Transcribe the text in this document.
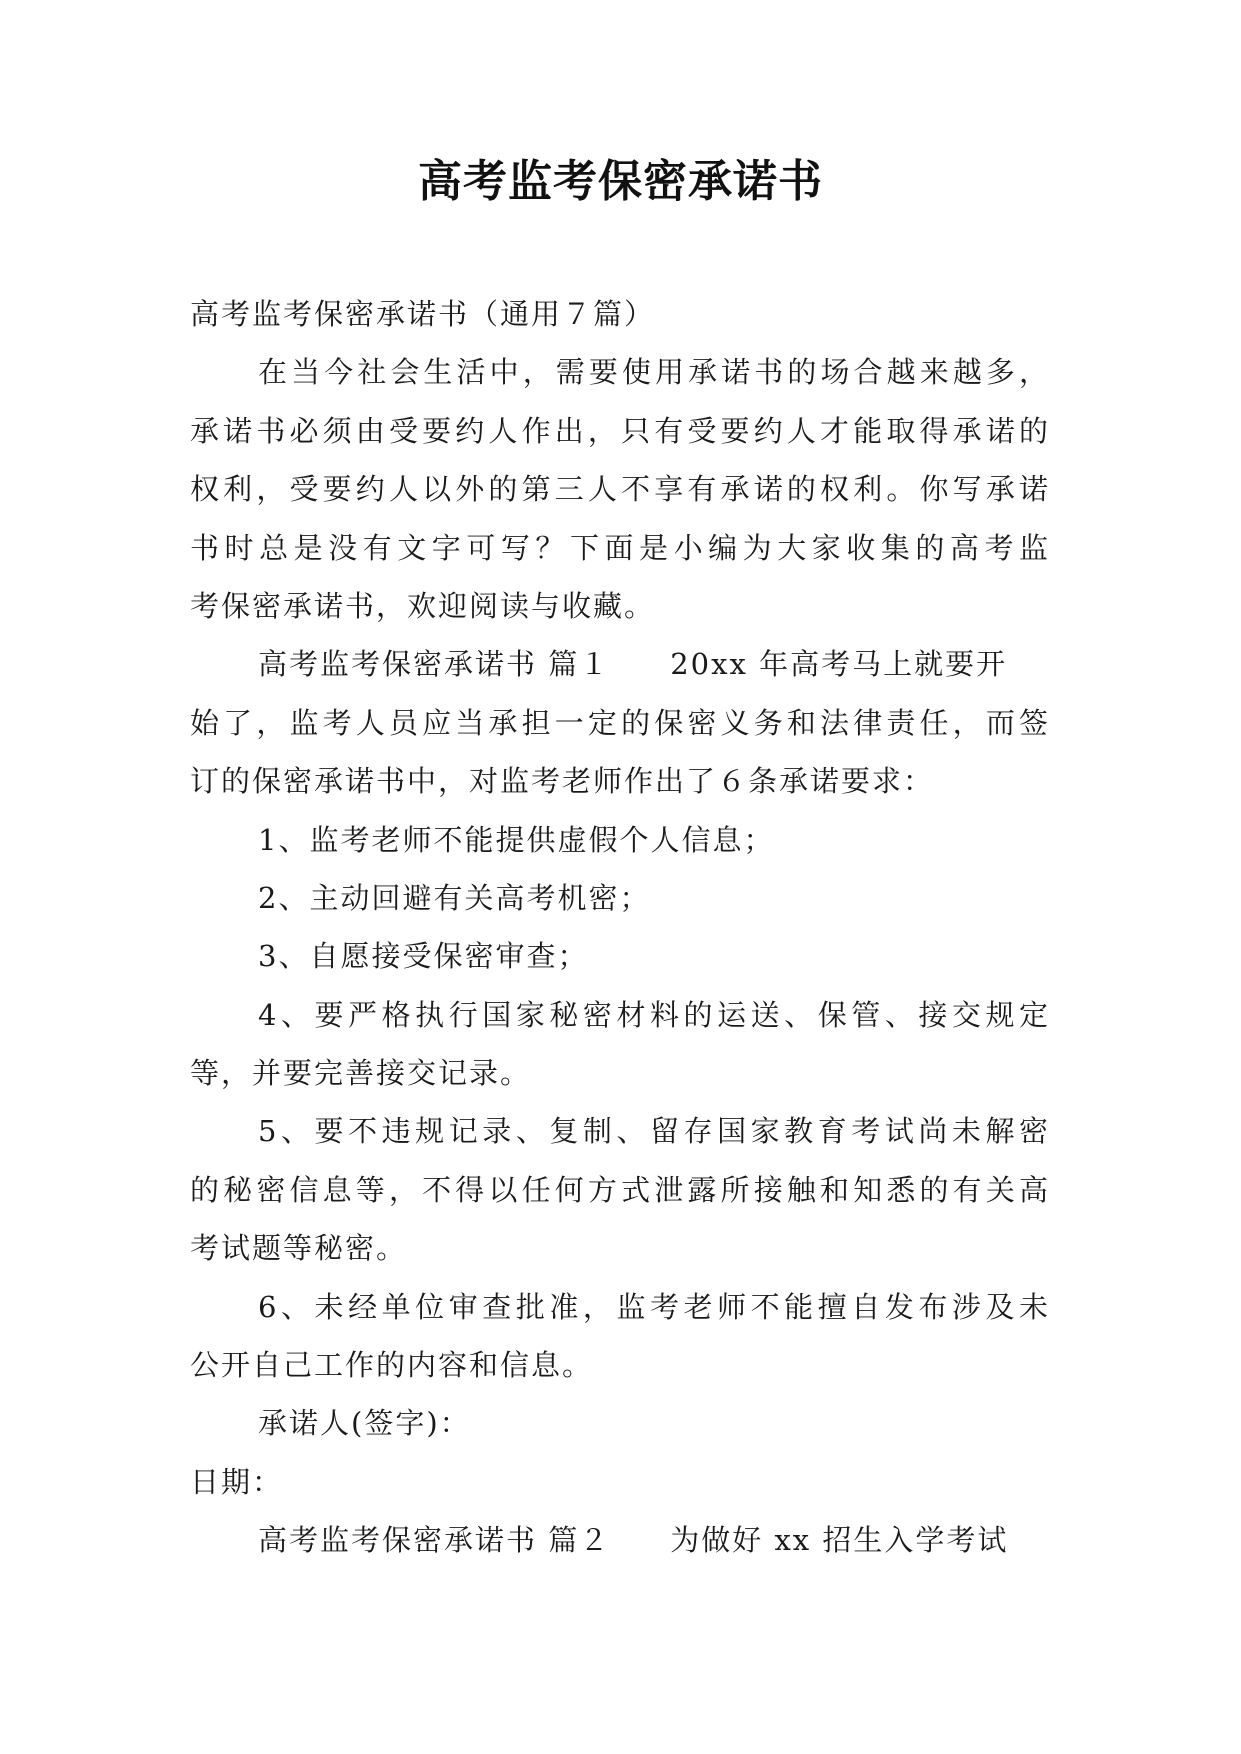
高考监考保密承诺书
高考监考保密承诺书（通用７篇）
在当今社会生活中，需要使用承诺书的场合越来越多，
承诺书必须由受要约人作出，只有受要约人才能取得承诺的
权利，受要约人以外的第三人不享有承诺的权利。你写承诺
书时总是没有文字可写？下面是小编为大家收集的高考监
考保密承诺书，欢迎阅读与收藏。
高考监考保密承诺书 篇１ 20xx 年高考马上就要开
始了，监考人员应当承担一定的保密义务和法律责任，而签
订的保密承诺书中，对监考老师作出了６条承诺要求：
1、监考老师不能提供虚假个人信息；
2、主动回避有关高考机密；
3、自愿接受保密审查；
4、要严格执行国家秘密材料的运送、保管、接交规定
等，并要完善接交记录。
5、要不违规记录、复制、留存国家教育考试尚未解密
的秘密信息等，不得以任何方式泄露所接触和知悉的有关高
考试题等秘密。
6、未经单位审查批准，监考老师不能擅自发布涉及未
公开自己工作的内容和信息。
承诺人(签字)：
日期：
高考监考保密承诺书 篇２ 为做好 xx 招生入学考试
